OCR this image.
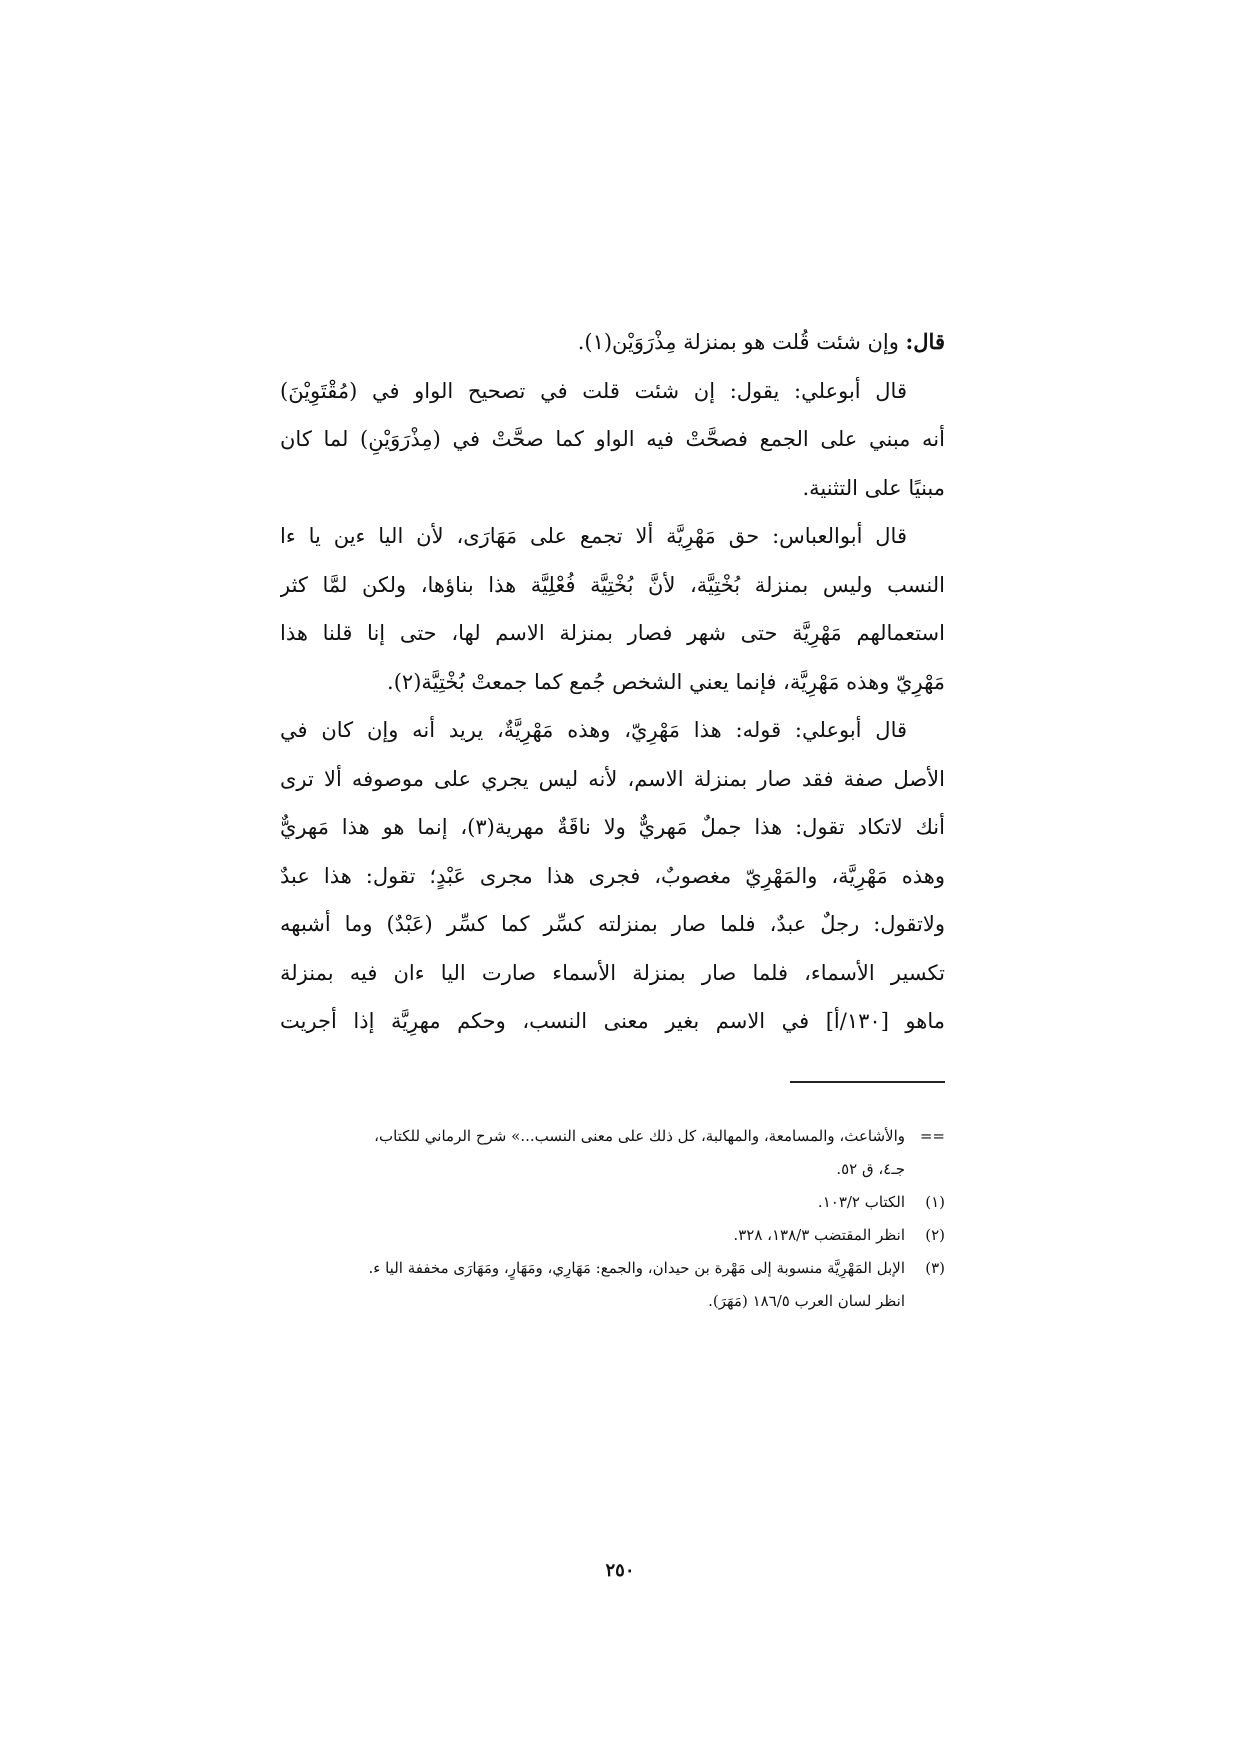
قال: وإن شئت قُلت هو بمنزلة مِذْرَوَيْن(١).
قال أبوعلي: يقول: إن شئت قلت في تصحيح الواو في (مُقْتَوِيْنَ)
أنه مبني على الجمع فصحَّتْ فيه الواو كما صحَّتْ في (مِذْرَوَيْنِ) لما كان
مبنيًا على التثنية.
قال أبوالعباس: حق مَهْرِيَّة ألا تجمع على مَهَارَى، لأن اليا ءين يا ءا
النسب وليس بمنزلة بُخْتِيَّة، لأنَّ بُخْتِيَّة فُعْلِيَّة هذا بناؤها، ولكن لمَّا كثر
استعمالهم مَهْرِيَّة حتى شهر فصار بمنزلة الاسم لها، حتى إنا قلنا هذا
مَهْرِيّ وهذه مَهْرِيَّة، فإنما يعني الشخص جُمع كما جمعتْ بُخْتِيَّة(٢).
قال أبوعلي: قوله: هذا مَهْرِيّ، وهذه مَهْرِيَّةٌ، يريد أنه وإن كان في
الأصل صفة فقد صار بمنزلة الاسم، لأنه ليس يجري على موصوفه ألا ترى
أنك لاتكاد تقول: هذا جملٌ مَهريٌّ ولا ناقَةٌ مهرية(٣)، إنما هو هذا مَهريٌّ
وهذه مَهْرِيَّة، والمَهْرِيّ مغصوبٌ، فجرى هذا مجرى عَبْدٍ؛ تقول: هذا عبدٌ
ولاتقول: رجلٌ عبدٌ، فلما صار بمنزلته كسِّر كما كسِّر (عَبْدٌ) وما أشبهه
تكسير الأسماء، فلما صار بمنزلة الأسماء صارت اليا ءان فيه بمنزلة
ماهو [١٣٠/أ] في الاسم بغير معنى النسب، وحكم مهرِيَّة إذا أجريت
==والأشاعث، والمسامعة، والمهالبة، كل ذلك على معنى النسب...» شرح الرماني للكتاب،
جـ٤، ق ٥٢.
(١)الكتاب ١٠٣/٢.
(٢)انظر المقتضب ١٣٨/٣، ٣٢٨.
(٣)الإبل المَهْرِيَّة منسوبة إلى مَهْرة بن حيدان، والجمع: مَهَارِي، ومَهَارٍ، ومَهَارَى مخففة اليا ء.
انظر لسان العرب ١٨٦/٥ (مَهَرَ).
٢٥٠
